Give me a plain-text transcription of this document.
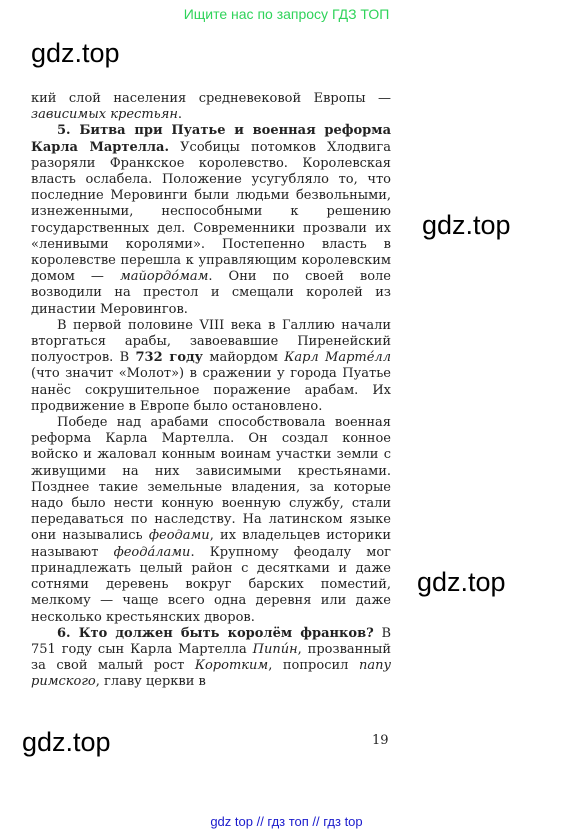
Ищите нас по запросу ГДЗ ТОП
gdz.top
gdz.top
gdz.top
gdz.top

кий слой населения средневековой Европы — зависимых крестьян.

5. Битва при Пуатье и военная реформа Карла Мартелла. Усобицы потомков Хлодвига разоряли Франкское королевство. Королевская власть ослабела. Положение усугубляло то, что последние Меровинги были людьми безвольными, изнеженными, неспособными к решению государственных дел. Современники прозвали их «ленивыми королями». Постепенно власть в королевстве перешла к управляющим королевским домом — майордо́мам. Они по своей воле возводили на престол и смещали королей из династии Меровингов.

В первой половине VIII века в Галлию начали вторгаться арабы, завоевавшие Пиренейский полуостров. В 732 году майордом Карл Марте́лл (что значит «Молот») в сражении у города Пуатье нанёс сокрушительное поражение арабам. Их продвижение в Европе было остановлено.

Победе над арабами способствовала военная реформа Карла Мартелла. Он создал конное войско и жаловал конным воинам участки земли с живущими на них зависимыми крестьянами. Позднее такие земельные владения, за которые надо было нести конную военную службу, стали передаваться по наследству. На латинском языке они назывались феодами, их владельцев историки называют феода́лами. Крупному феодалу мог принадлежать целый район с десятками и даже сотнями деревень вокруг барских поместий, мелкому — чаще всего одна деревня или даже несколько крестьянских дворов.

6. Кто должен быть королём франков? В 751 году сын Карла Мартелла Пипи́н, прозванный за свой малый рост Коротким, попросил папу римского, главу церкви в

19
gdz top // гдз топ // гдз top
